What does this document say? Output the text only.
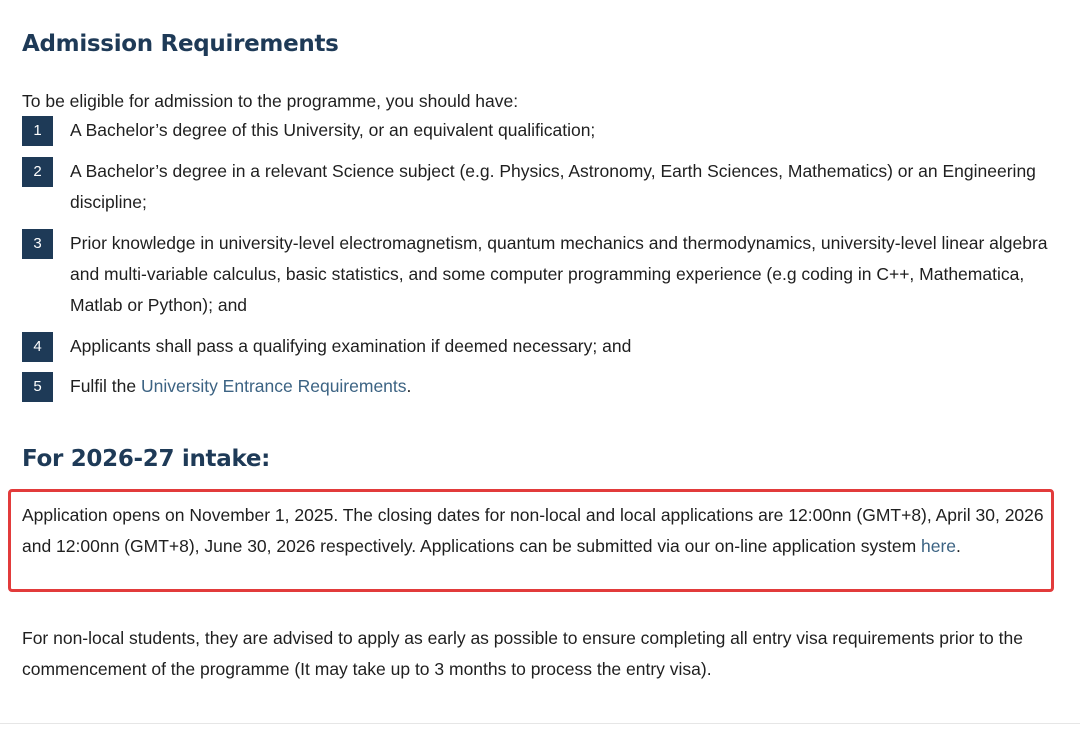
Admission Requirements
To be eligible for admission to the programme, you should have:
1	A Bachelor’s degree of this University, or an equivalent qualification;
2	A Bachelor’s degree in a relevant Science subject (e.g. Physics, Astronomy, Earth Sciences, Mathematics) or an Engineering discipline;
3	Prior knowledge in university-level electromagnetism, quantum mechanics and thermodynamics, university-level linear algebra and multi-variable calculus, basic statistics, and some computer programming experience (e.g coding in C++, Mathematica, Matlab or Python); and
4	Applicants shall pass a qualifying examination if deemed necessary; and
5	Fulfil the University Entrance Requirements.
For 2026-27 intake:
Application opens on November 1, 2025. The closing dates for non-local and local applications are 12:00nn (GMT+8), April 30, 2026 and 12:00nn (GMT+8), June 30, 2026 respectively. Applications can be submitted via our on-line application system here.
For non-local students, they are advised to apply as early as possible to ensure completing all entry visa requirements prior to the commencement of the programme (It may take up to 3 months to process the entry visa).
